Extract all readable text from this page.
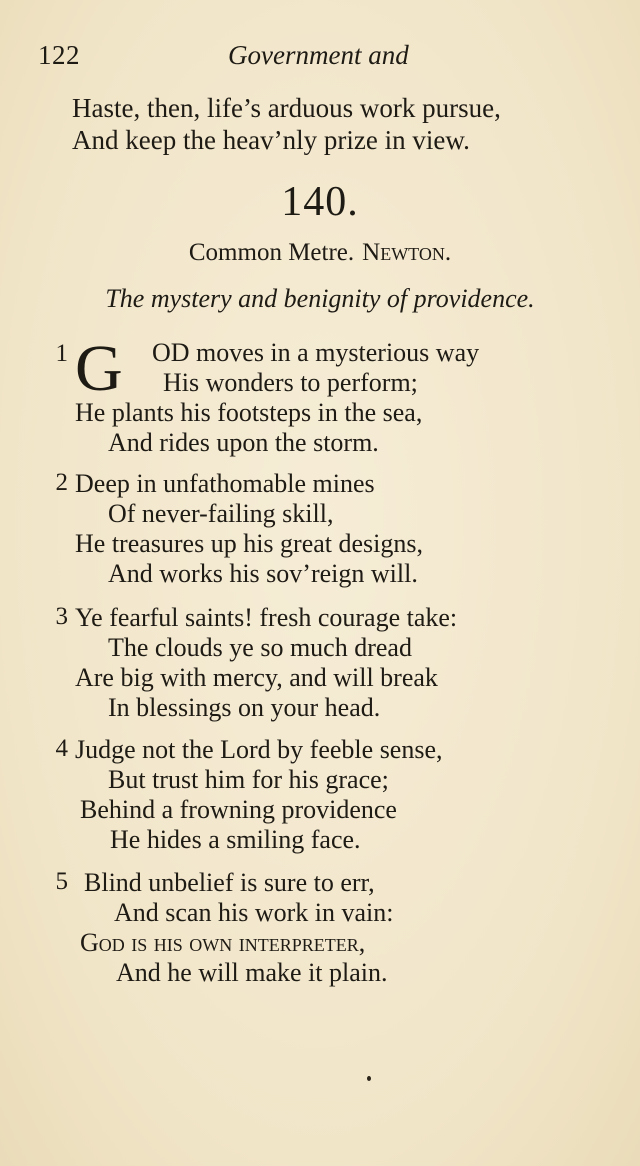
122	Government and
Haste, then, life’s arduous work pursue,
And keep the heav’nly prize in view.
140.
Common Metre. Newton.
The mystery and benignity of providence.
1 G OD moves in a mysterious way
His wonders to perform;
He plants his footsteps in the sea,
And rides upon the storm.
2 Deep in unfathomable mines
Of never-failing skill,
He treasures up his great designs,
And works his sov’reign will.
3 Ye fearful saints! fresh courage take:
The clouds ye so much dread
Are big with mercy, and will break
In blessings on your head.
4 Judge not the Lord by feeble sense,
But trust him for his grace;
Behind a frowning providence
He hides a smiling face.
5 Blind unbelief is sure to err,
And scan his work in vain:
God is his own interpreter,
And he will make it plain.
